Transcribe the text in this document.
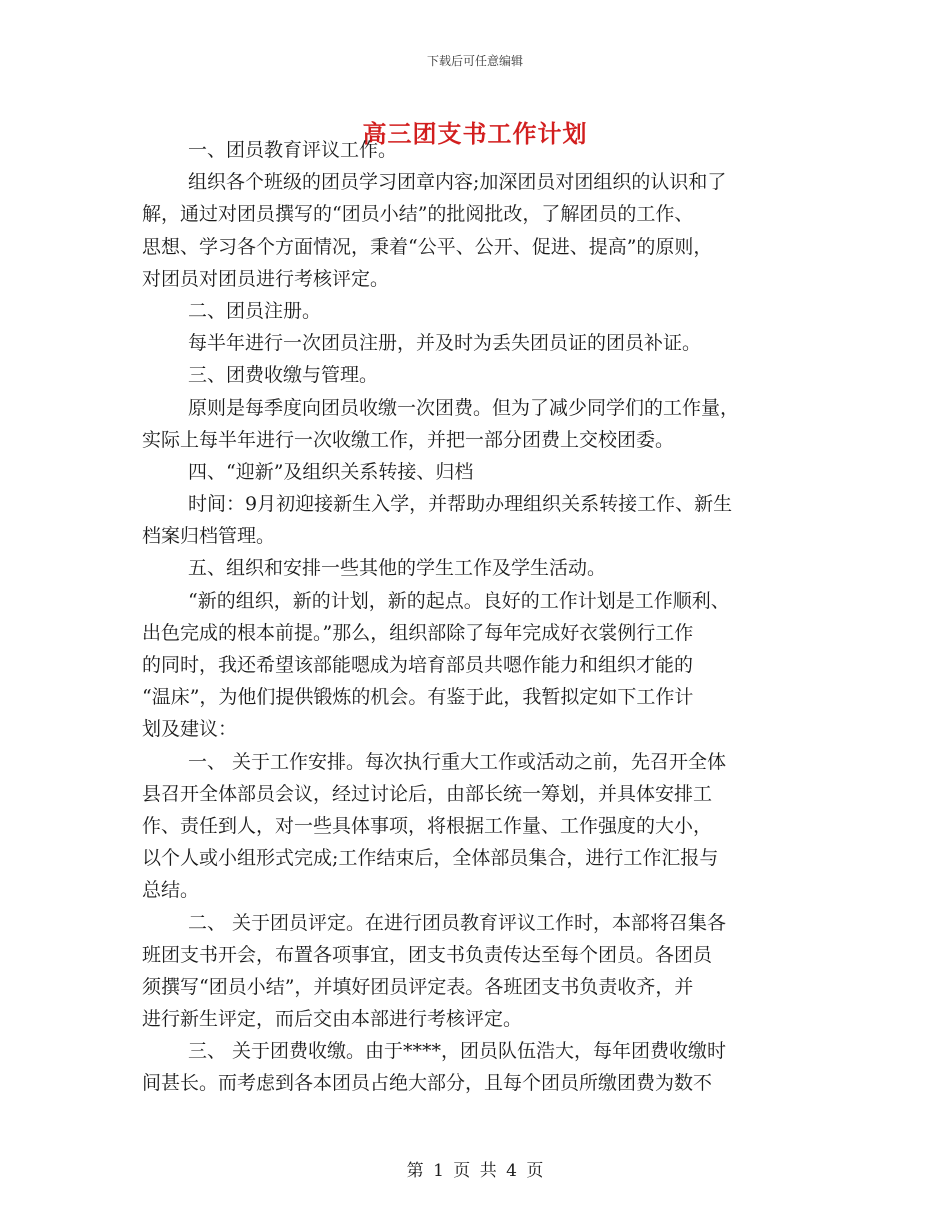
下载后可任意编辑
高三团支书工作计划
一、团员教育评议工作。
组织各个班级的团员学习团章内容;加深团员对团组织的认识和了
解，通过对团员撰写的“团员小结”的批阅批改，了解团员的工作、
思想、学习各个方面情况，秉着“公平、公开、促进、提高”的原则，
对团员对团员进行考核评定。
二、团员注册。
每半年进行一次团员注册，并及时为丢失团员证的团员补证。
三、团费收缴与管理。
原则是每季度向团员收缴一次团费。但为了减少同学们的工作量，
实际上每半年进行一次收缴工作，并把一部分团费上交校团委。
四、“迎新”及组织关系转接、归档
时间：9月初迎接新生入学，并帮助办理组织关系转接工作、新生
档案归档管理。
五、组织和安排一些其他的学生工作及学生活动。
“新的组织，新的计划，新的起点。良好的工作计划是工作顺利、
出色完成的根本前提。”那么，组织部除了每年完成好衣裳例行工作
的同时，我还希望该部能嗯成为培育部员共嗯作能力和组织才能的
“温床”，为他们提供锻炼的机会。有鉴于此，我暂拟定如下工作计
划及建议：
一、 关于工作安排。每次执行重大工作或活动之前，先召开全体
县召开全体部员会议，经过讨论后，由部长统一筹划，并具体安排工
作、责任到人，对一些具体事项，将根据工作量、工作强度的大小，
以个人或小组形式完成;工作结束后，全体部员集合，进行工作汇报与
总结。
二、 关于团员评定。在进行团员教育评议工作时，本部将召集各
班团支书开会，布置各项事宜，团支书负责传达至每个团员。各团员
须撰写“团员小结”，并填好团员评定表。各班团支书负责收齐，并
进行新生评定，而后交由本部进行考核评定。
三、 关于团费收缴。由于****，团员队伍浩大，每年团费收缴时
间甚长。而考虑到各本团员占绝大部分，且每个团员所缴团费为数不
第 1 页 共 4 页
